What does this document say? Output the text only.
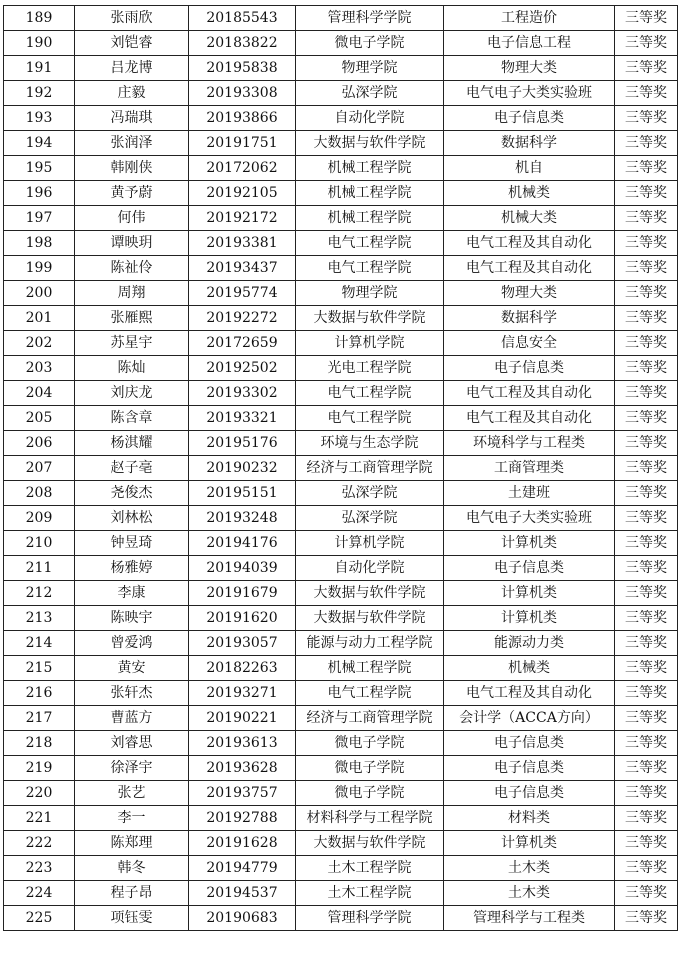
189	张雨欣	20185543	管理科学学院	工程造价	三等奖
190	刘铠睿	20183822	微电子学院	电子信息工程	三等奖
191	吕龙博	20195838	物理学院	物理大类	三等奖
192	庄毅	20193308	弘深学院	电气电子大类实验班	三等奖
193	冯瑞琪	20193866	自动化学院	电子信息类	三等奖
194	张润泽	20191751	大数据与软件学院	数据科学	三等奖
195	韩刚侠	20172062	机械工程学院	机自	三等奖
196	黄予蔚	20192105	机械工程学院	机械类	三等奖
197	何伟	20192172	机械工程学院	机械大类	三等奖
198	谭映玥	20193381	电气工程学院	电气工程及其自动化	三等奖
199	陈祉伶	20193437	电气工程学院	电气工程及其自动化	三等奖
200	周翔	20195774	物理学院	物理大类	三等奖
201	张雁熙	20192272	大数据与软件学院	数据科学	三等奖
202	苏星宇	20172659	计算机学院	信息安全	三等奖
203	陈灿	20192502	光电工程学院	电子信息类	三等奖
204	刘庆龙	20193302	电气工程学院	电气工程及其自动化	三等奖
205	陈含章	20193321	电气工程学院	电气工程及其自动化	三等奖
206	杨淇耀	20195176	环境与生态学院	环境科学与工程类	三等奖
207	赵子亳	20190232	经济与工商管理学院	工商管理类	三等奖
208	尧俊杰	20195151	弘深学院	土建班	三等奖
209	刘林松	20193248	弘深学院	电气电子大类实验班	三等奖
210	钟昱琦	20194176	计算机学院	计算机类	三等奖
211	杨雅婷	20194039	自动化学院	电子信息类	三等奖
212	李康	20191679	大数据与软件学院	计算机类	三等奖
213	陈映宇	20191620	大数据与软件学院	计算机类	三等奖
214	曾爱鸿	20193057	能源与动力工程学院	能源动力类	三等奖
215	黄安	20182263	机械工程学院	机械类	三等奖
216	张轩杰	20193271	电气工程学院	电气工程及其自动化	三等奖
217	曹蓝方	20190221	经济与工商管理学院	会计学（ACCA方向）	三等奖
218	刘睿思	20193613	微电子学院	电子信息类	三等奖
219	徐泽宇	20193628	微电子学院	电子信息类	三等奖
220	张艺	20193757	微电子学院	电子信息类	三等奖
221	李一	20192788	材料科学与工程学院	材料类	三等奖
222	陈郑理	20191628	大数据与软件学院	计算机类	三等奖
223	韩冬	20194779	土木工程学院	土木类	三等奖
224	程子昂	20194537	土木工程学院	土木类	三等奖
225	项钰雯	20190683	管理科学学院	管理科学与工程类	三等奖
